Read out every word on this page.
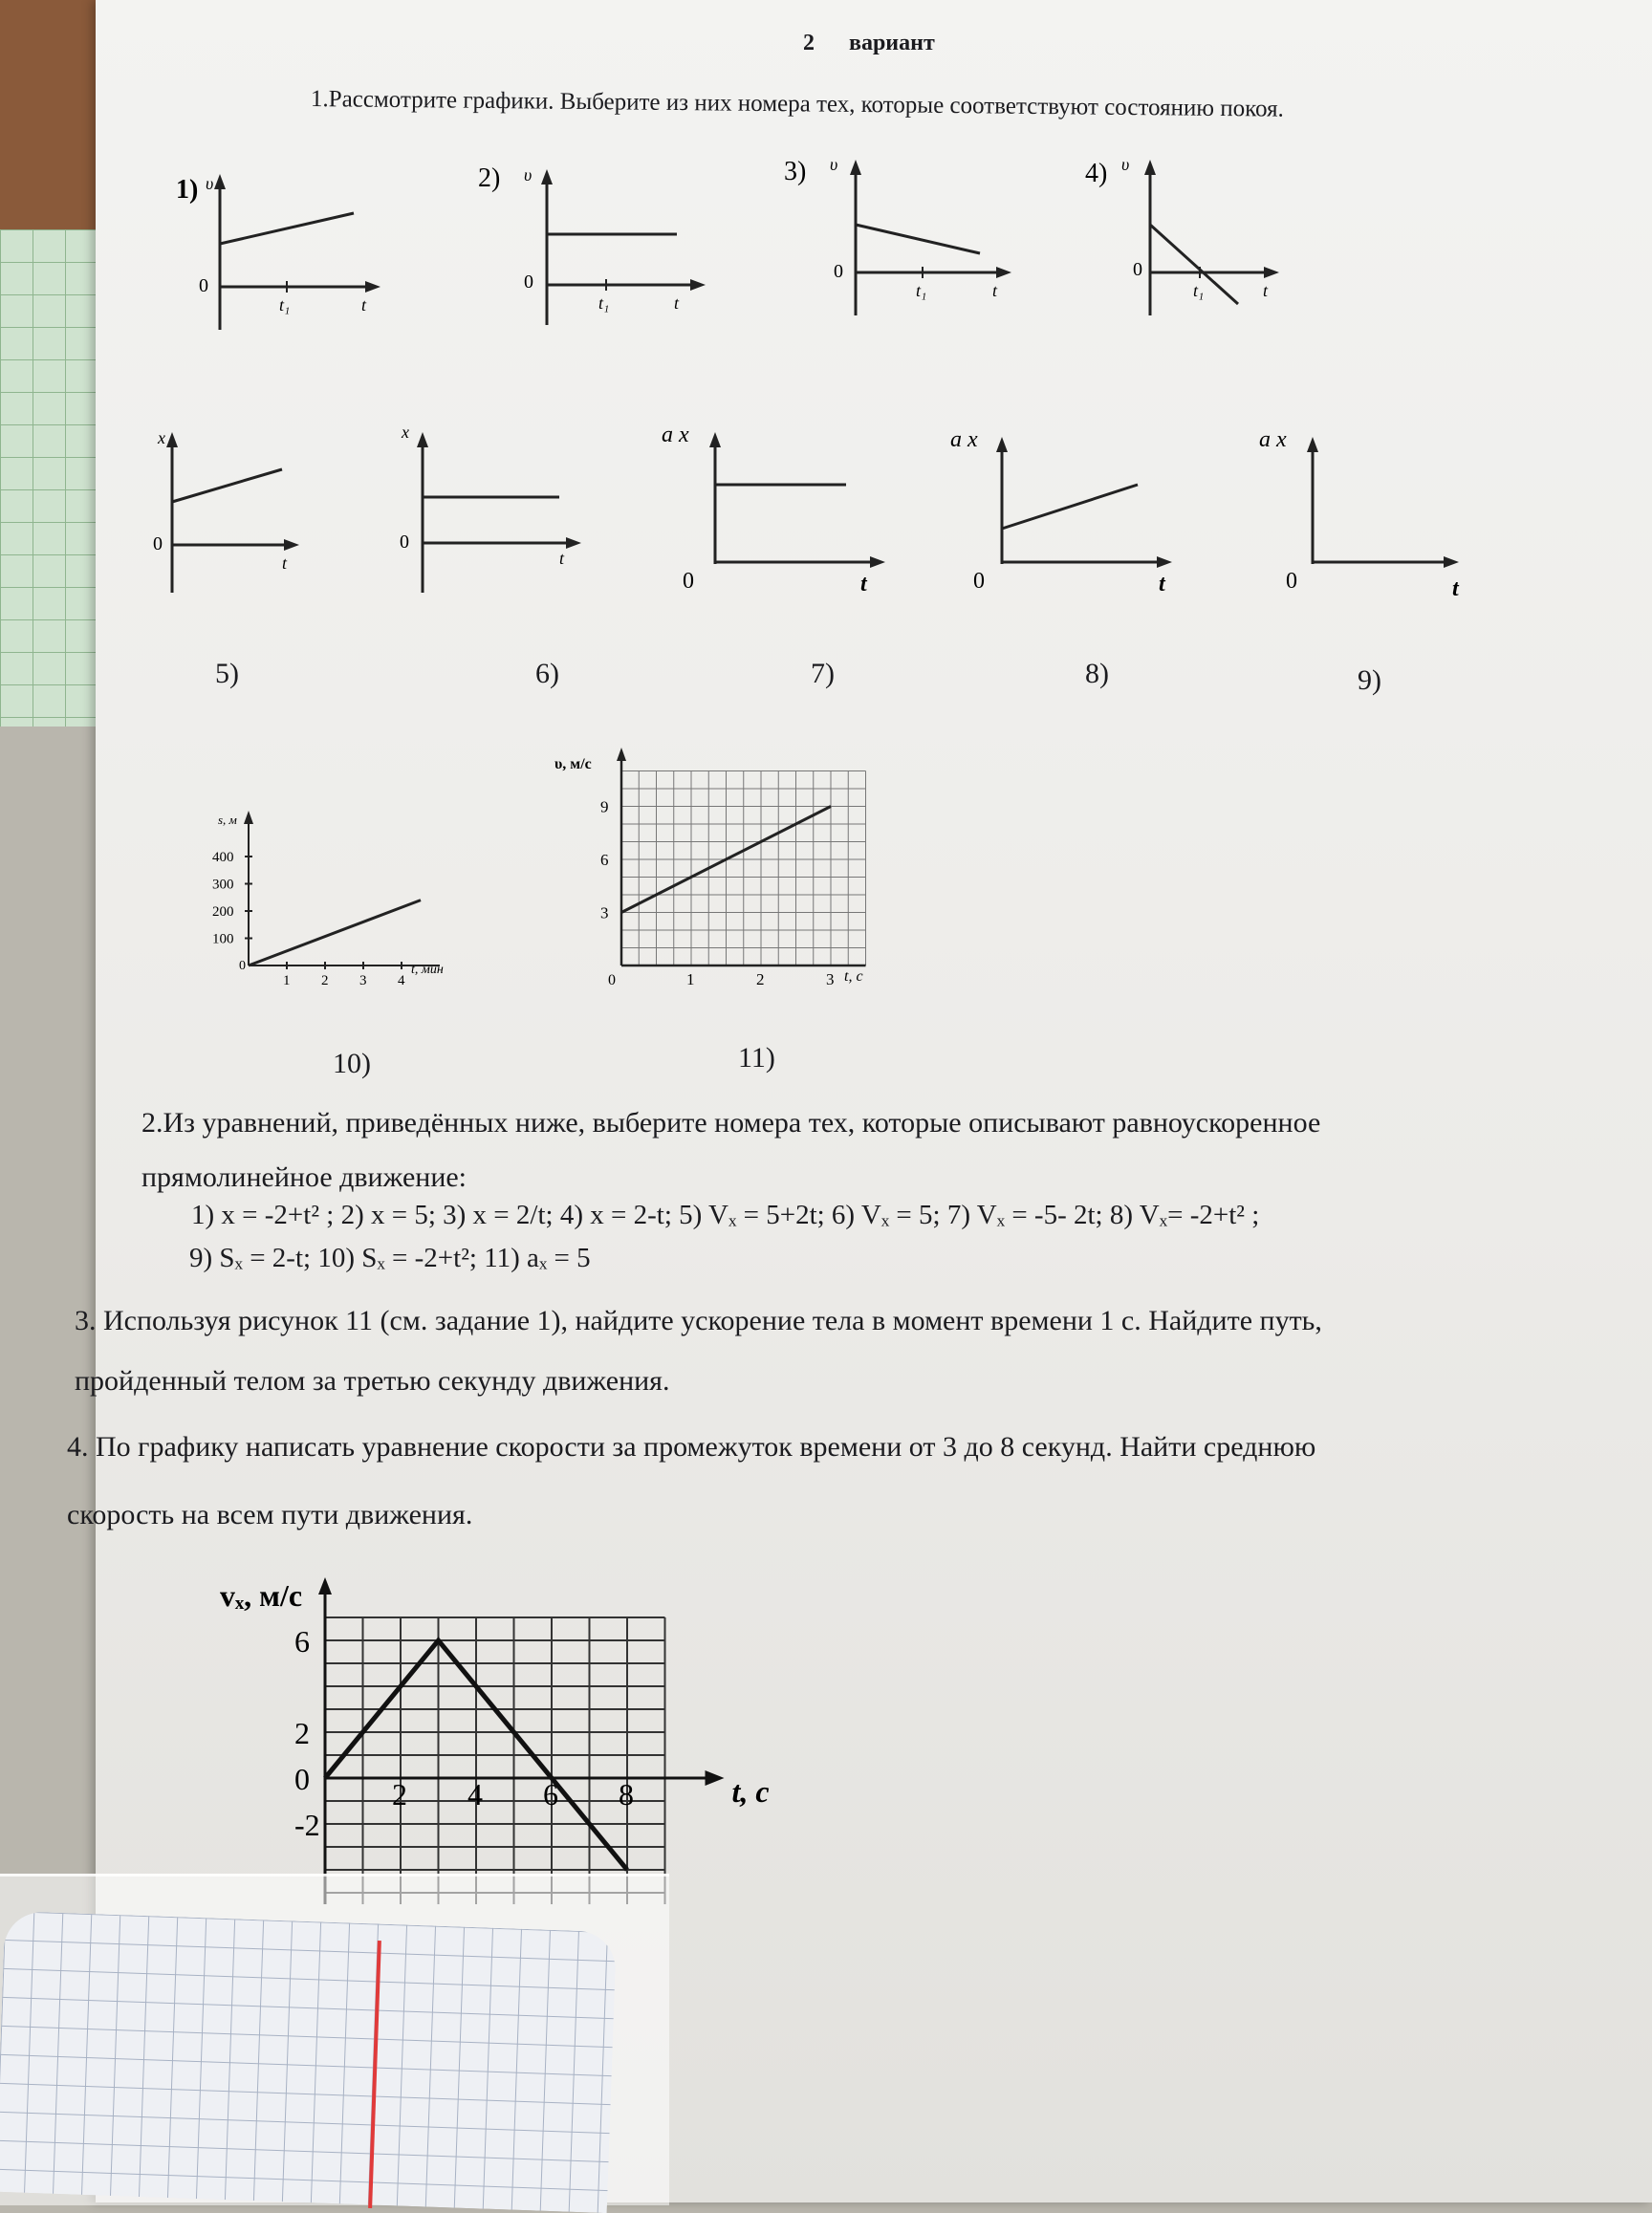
2 вариант
1.Рассмотрите графики. Выберите из них номера тех, которые соответствуют состоянию покоя.
1) υ
0
t₁	t
2) υ
0
t₁	t
3) υ
0
t₁	t
4) υ
0
t₁	t
x
0
t
5)
x
0
t
6)
a x
0	t
7)
a x
0	t
8)
a x
0	t
9)
s, м
0	t, мин
100
200
300
400
1 2 3 4
10)
υ, м/с
0	t, с
9
6
3
1	2	3
11)
2.Из уравнений, приведённых ниже, выберите номера тех, которые описывают равноускоренное
прямолинейное движение:
1) x = -2+t² ; 2) x = 5; 3) x = 2/t; 4) x = 2-t; 5) Vₓ = 5+2t; 6) Vₓ = 5; 7) Vₓ = -5- 2t; 8) Vₓ= -2+t² ;
9) Sₓ = 2-t; 10) Sₓ = -2+t²; 11) aₓ = 5
3. Используя рисунок 11 (см. задание 1), найдите ускорение тела в момент времени 1 с. Найдите путь,
пройденный телом за третью секунду движения.
4. По графику написать уравнение скорости за промежуток времени от 3 до 8 секунд. Найти среднюю
скорость на всем пути движения.
vₓ, м/с
t, c
6
2
0
-2
2 4 6 8
